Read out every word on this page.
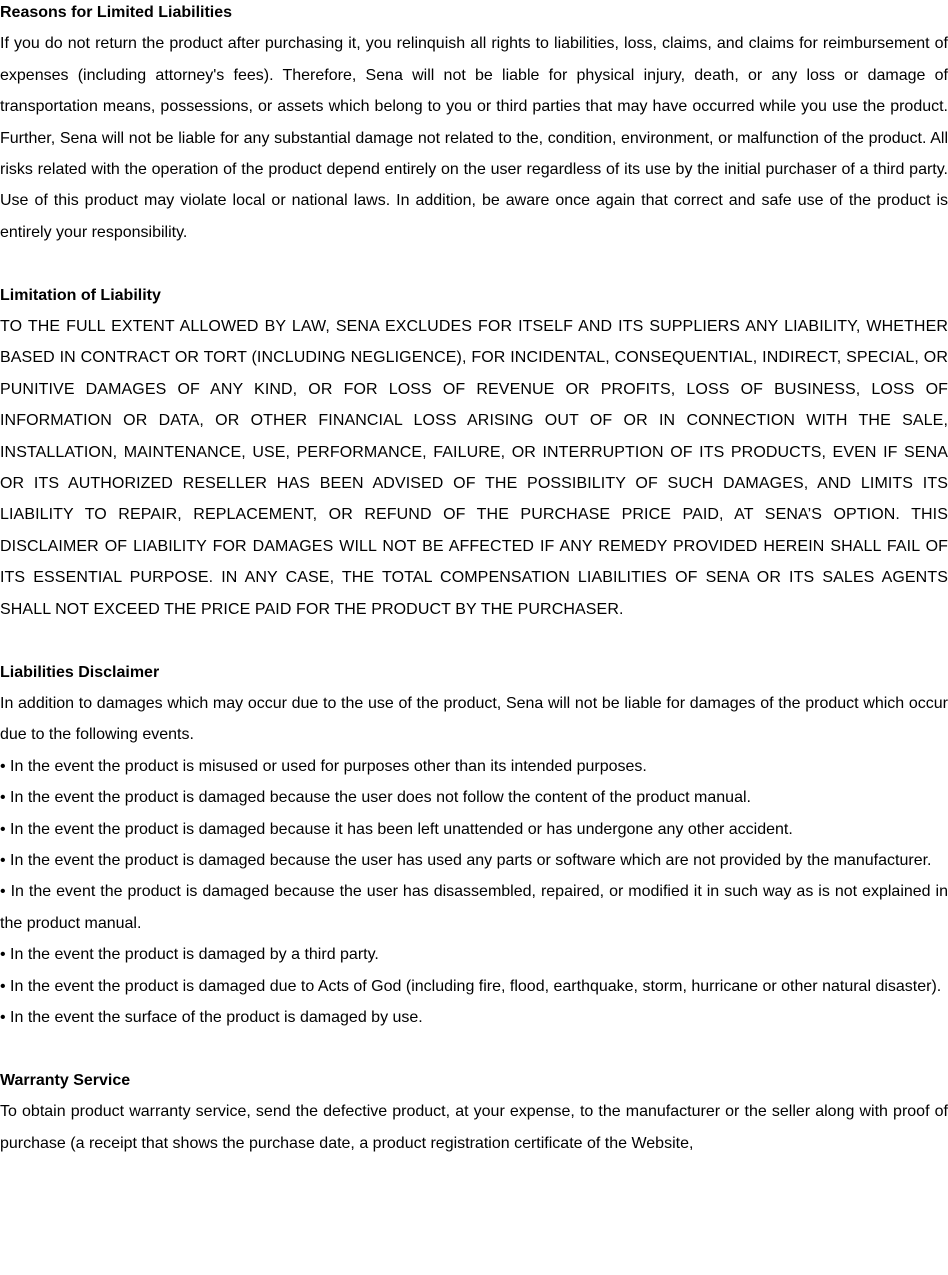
Reasons for Limited Liabilities

If you do not return the product after purchasing it, you relinquish all rights to liabilities, loss, claims, and claims for reimbursement of expenses (including attorney's fees). Therefore, Sena will not be liable for physical injury, death, or any loss or damage of transportation means, possessions, or assets which belong to you or third parties that may have occurred while you use the product. Further, Sena will not be liable for any substantial damage not related to the, condition, environment, or malfunction of the product. All risks related with the operation of the product depend entirely on the user regardless of its use by the initial purchaser of a third party. Use of this product may violate local or national laws. In addition, be aware once again that correct and safe use of the product is entirely your responsibility.

Limitation of Liability

TO THE FULL EXTENT ALLOWED BY LAW, SENA EXCLUDES FOR ITSELF AND ITS SUPPLIERS ANY LIABILITY, WHETHER BASED IN CONTRACT OR TORT (INCLUDING NEGLIGENCE), FOR INCIDENTAL, CONSEQUENTIAL, INDIRECT, SPECIAL, OR PUNITIVE DAMAGES OF ANY KIND, OR FOR LOSS OF REVENUE OR PROFITS, LOSS OF BUSINESS, LOSS OF INFORMATION OR DATA, OR OTHER FINANCIAL LOSS ARISING OUT OF OR IN CONNECTION WITH THE SALE, INSTALLATION, MAINTENANCE, USE, PERFORMANCE, FAILURE, OR INTERRUPTION OF ITS PRODUCTS, EVEN IF SENA OR ITS AUTHORIZED RESELLER HAS BEEN ADVISED OF THE POSSIBILITY OF SUCH DAMAGES, AND LIMITS ITS LIABILITY TO REPAIR, REPLACEMENT, OR REFUND OF THE PURCHASE PRICE PAID, AT SENA’S OPTION. THIS DISCLAIMER OF LIABILITY FOR DAMAGES WILL NOT BE AFFECTED IF ANY REMEDY PROVIDED HEREIN SHALL FAIL OF ITS ESSENTIAL PURPOSE. IN ANY CASE, THE TOTAL COMPENSATION LIABILITIES OF SENA OR ITS SALES AGENTS SHALL NOT EXCEED THE PRICE PAID FOR THE PRODUCT BY THE PURCHASER.

Liabilities Disclaimer

In addition to damages which may occur due to the use of the product, Sena will not be liable for damages of the product which occur due to the following events.

• In the event the product is misused or used for purposes other than its intended purposes.
• In the event the product is damaged because the user does not follow the content of the product manual.
• In the event the product is damaged because it has been left unattended or has undergone any other accident.
• In the event the product is damaged because the user has used any parts or software which are not provided by the manufacturer.
• In the event the product is damaged because the user has disassembled, repaired, or modified it in such way as is not explained in the product manual.
• In the event the product is damaged by a third party.
• In the event the product is damaged due to Acts of God (including fire, flood, earthquake, storm, hurricane or other natural disaster).
• In the event the surface of the product is damaged by use.
Warranty Service

To obtain product warranty service, send the defective product, at your expense, to the manufacturer or the seller along with proof of purchase (a receipt that shows the purchase date, a product registration certificate of the Website,
